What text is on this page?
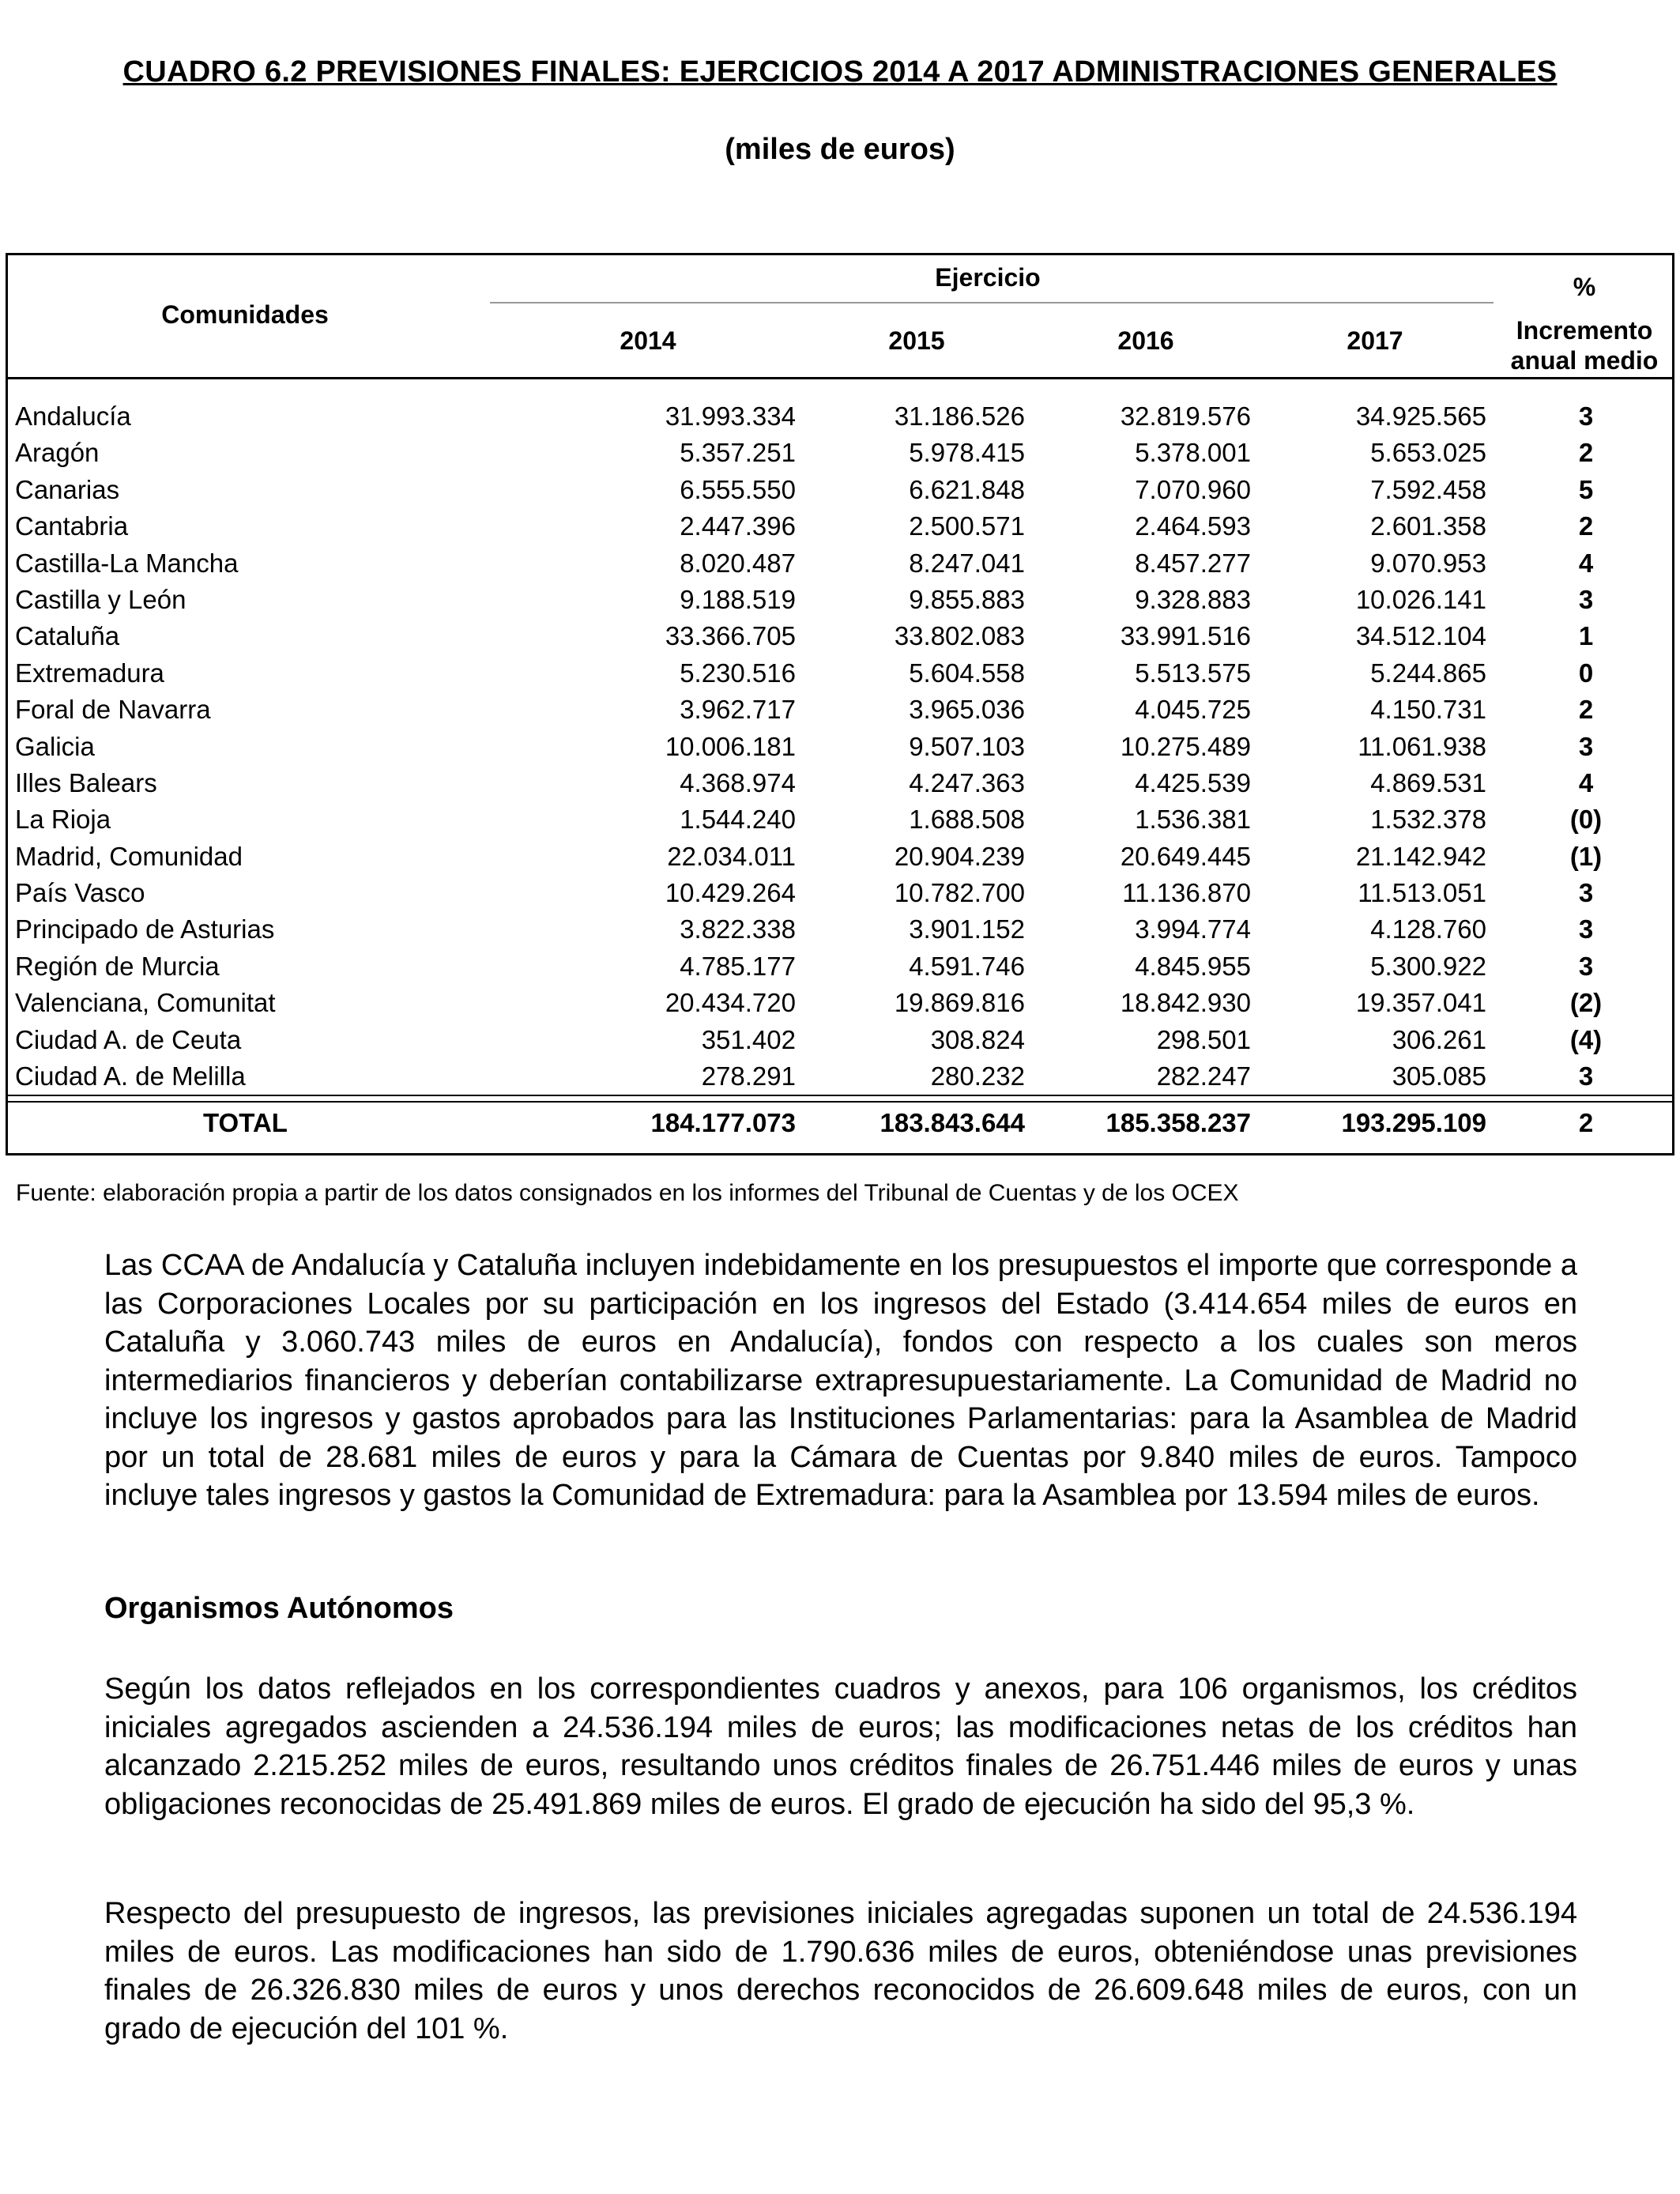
CUADRO 6.2 PREVISIONES FINALES: EJERCICIOS 2014 A 2017 ADMINISTRACIONES GENERALES
(miles de euros)
Comunidades
Ejercicio
2014	2015	2016	2017
%
Incremento
anual medio
Andalucía	31.993.334	31.186.526	32.819.576	34.925.565	3
Aragón	5.357.251	5.978.415	5.378.001	5.653.025	2
Canarias	6.555.550	6.621.848	7.070.960	7.592.458	5
Cantabria	2.447.396	2.500.571	2.464.593	2.601.358	2
Castilla-La Mancha	8.020.487	8.247.041	8.457.277	9.070.953	4
Castilla y León	9.188.519	9.855.883	9.328.883	10.026.141	3
Cataluña	33.366.705	33.802.083	33.991.516	34.512.104	1
Extremadura	5.230.516	5.604.558	5.513.575	5.244.865	0
Foral de Navarra	3.962.717	3.965.036	4.045.725	4.150.731	2
Galicia	10.006.181	9.507.103	10.275.489	11.061.938	3
Illes Balears	4.368.974	4.247.363	4.425.539	4.869.531	4
La Rioja	1.544.240	1.688.508	1.536.381	1.532.378	(0)
Madrid, Comunidad	22.034.011	20.904.239	20.649.445	21.142.942	(1)
País Vasco	10.429.264	10.782.700	11.136.870	11.513.051	3
Principado de Asturias	3.822.338	3.901.152	3.994.774	4.128.760	3
Región de Murcia	4.785.177	4.591.746	4.845.955	5.300.922	3
Valenciana, Comunitat	20.434.720	19.869.816	18.842.930	19.357.041	(2)
Ciudad A. de Ceuta	351.402	308.824	298.501	306.261	(4)
Ciudad A. de Melilla	278.291	280.232	282.247	305.085	3
TOTAL	184.177.073	183.843.644	185.358.237	193.295.109	2
Fuente: elaboración propia a partir de los datos consignados en los informes del Tribunal de Cuentas y de los OCEX

Las CCAA de Andalucía y Cataluña incluyen indebidamente en los presupuestos el importe que corresponde a las Corporaciones Locales por su participación en los ingresos del Estado (3.414.654 miles de euros en Cataluña y 3.060.743 miles de euros en Andalucía), fondos con respecto a los cuales son meros intermediarios financieros y deberían contabilizarse extrapresupuestariamente. La Comunidad de Madrid no incluye los ingresos y gastos aprobados para las Instituciones Parlamentarias: para la Asamblea de Madrid por un total de 28.681 miles de euros y para la Cámara de Cuentas por 9.840 miles de euros. Tampoco incluye tales ingresos y gastos la Comunidad de Extremadura: para la Asamblea por 13.594 miles de euros.

Organismos Autónomos

Según los datos reflejados en los correspondientes cuadros y anexos, para 106 organismos, los créditos iniciales agregados ascienden a 24.536.194 miles de euros; las modificaciones netas de los créditos han alcanzado 2.215.252 miles de euros, resultando unos créditos finales de 26.751.446 miles de euros y unas obligaciones reconocidas de 25.491.869 miles de euros. El grado de ejecución ha sido del 95,3 %.

Respecto del presupuesto de ingresos, las previsiones iniciales agregadas suponen un total de 24.536.194 miles de euros. Las modificaciones han sido de 1.790.636 miles de euros, obteniéndose unas previsiones finales de 26.326.830 miles de euros y unos derechos reconocidos de 26.609.648 miles de euros, con un grado de ejecución del 101 %.
